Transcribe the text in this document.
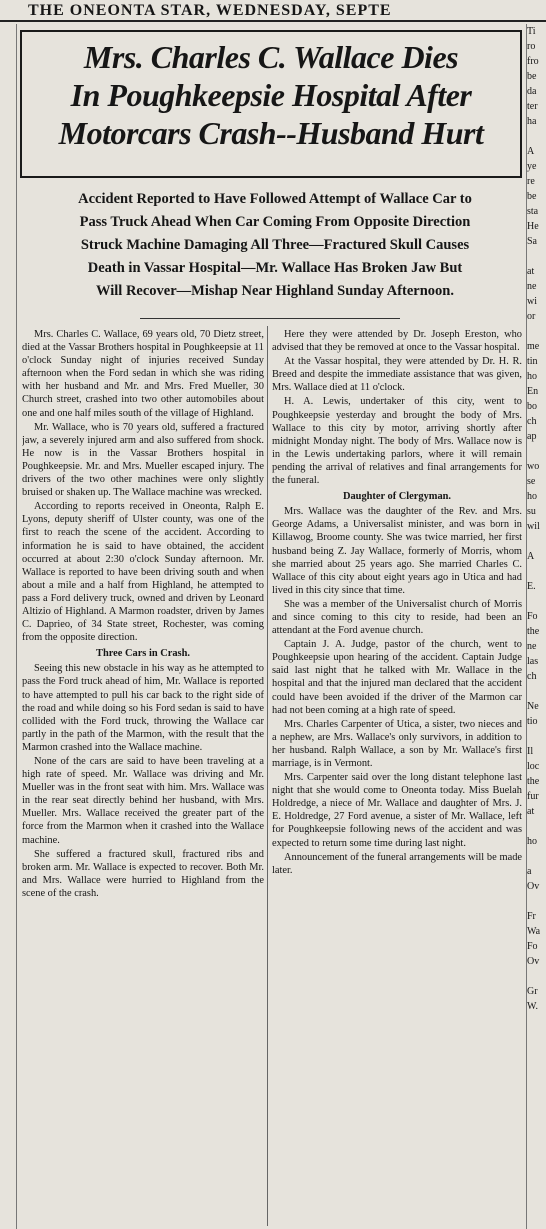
THE ONEONTA STAR, WEDNESDAY, SEPTE
Mrs. Charles C. Wallace Dies
In Poughkeepsie Hospital After
Motorcars Crash--Husband Hurt
Accident Reported to Have Followed Attempt of Wallace Car to
Pass Truck Ahead When Car Coming From Opposite Direction
Struck Machine Damaging All Three—Fractured Skull Causes
Death in Vassar Hospital—Mr. Wallace Has Broken Jaw But
Will Recover—Mishap Near Highland Sunday Afternoon.

Mrs. Charles C. Wallace, 69 years old, 70 Dietz street, died at the Vassar Brothers hospital in Poughkeepsie at 11 o'clock Sunday night of injuries received Sunday afternoon when the Ford sedan in which she was riding with her husband and Mr. and Mrs. Fred Mueller, 30 Church street, crashed into two other automobiles about one and one half miles south of the village of Highland.

Mr. Wallace, who is 70 years old, suffered a fractured jaw, a severely injured arm and also suffered from shock. He now is in the Vassar Brothers hospital in Poughkeepsie. Mr. and Mrs. Mueller escaped injury. The drivers of the two other machines were only slightly bruised or shaken up. The Wallace machine was wrecked.

According to reports received in Oneonta, Ralph E. Lyons, deputy sheriff of Ulster county, was one of the first to reach the scene of the accident. According to information he is said to have obtained, the accident occurred at about 2:30 o'clock Sunday afternoon. Mr. Wallace is reported to have been driving south and when about a mile and a half from Highland, he attempted to pass a Ford delivery truck, owned and driven by Leonard Altizio of Highland. A Marmon roadster, driven by James C. Daprieo, of 34 State street, Rochester, was coming from the opposite direction.

Three Cars in Crash.

Seeing this new obstacle in his way as he attempted to pass the Ford truck ahead of him, Mr. Wallace is reported to have attempted to pull his car back to the right side of the road and while doing so his Ford sedan is said to have collided with the Ford truck, throwing the Wallace car partly in the path of the Marmon, with the result that the Marmon crashed into the Wallace machine.

None of the cars are said to have been traveling at a high rate of speed. Mr. Wallace was driving and Mr. Mueller was in the front seat with him. Mrs. Wallace was in the rear seat directly behind her husband, with Mrs. Mueller. Mrs. Wallace received the greater part of the force from the Marmon when it crashed into the Wallace machine.

She suffered a fractured skull, fractured ribs and broken arm. Mr. Wallace is expected to recover. Both Mr. and Mrs. Wallace were hurried to Highland from the scene of the crash.

Here they were attended by Dr. Joseph Ereston, who advised that they be removed at once to the Vassar hospital.

At the Vassar hospital, they were attended by Dr. H. R. Breed and despite the immediate assistance that was given, Mrs. Wallace died at 11 o'clock.

H. A. Lewis, undertaker of this city, went to Poughkeepsie yesterday and brought the body of Mrs. Wallace to this city by motor, arriving shortly after midnight Monday night. The body of Mrs. Wallace now is in the Lewis undertaking parlors, where it will remain pending the arrival of relatives and final arrangements for the funeral.

Daughter of Clergyman.

Mrs. Wallace was the daughter of the Rev. and Mrs. George Adams, a Universalist minister, and was born in Killawog, Broome county. She was twice married, her first husband being Z. Jay Wallace, formerly of Morris, whom she married about 25 years ago. She married Charles C. Wallace of this city about eight years ago in Utica and had lived in this city since that time.

She was a member of the Universalist church of Morris and since coming to this city to reside, had been an attendant at the Ford avenue church.

Captain J. A. Judge, pastor of the church, went to Poughkeepsie upon hearing of the accident. Captain Judge said last night that he talked with Mr. Wallace in the hospital and that the injured man declared that the accident could have been avoided if the driver of the Marmon car had not been coming at a high rate of speed.

Mrs. Charles Carpenter of Utica, a sister, two nieces and a nephew, are Mrs. Wallace's only survivors, in addition to her husband. Ralph Wallace, a son by Mr. Wallace's first marriage, is in Vermont.

Mrs. Carpenter said over the long distant telephone last night that she would come to Oneonta today. Miss Buelah Holdredge, a niece of Mr. Wallace and daughter of Mrs. J. E. Holdredge, 27 Ford avenue, a sister of Mr. Wallace, left for Poughkeepsie following news of the accident and was expected to return some time during last night.

Announcement of the funeral arrangements will be made later.

Ti
ro
fro
be
da
ter
ha

A
ye
re
be
sta
He
Sa

at
ne
wi
or

me
tin
ho
En
bo
ch
ap

wo
se
ho
su
wil

A

E.

Fo
the
ne
las
ch

Ne
tio

Il
loc
the
fur
at

ho

a
Ov

Fr
Wa
Fo
Ov

Gr
W.
